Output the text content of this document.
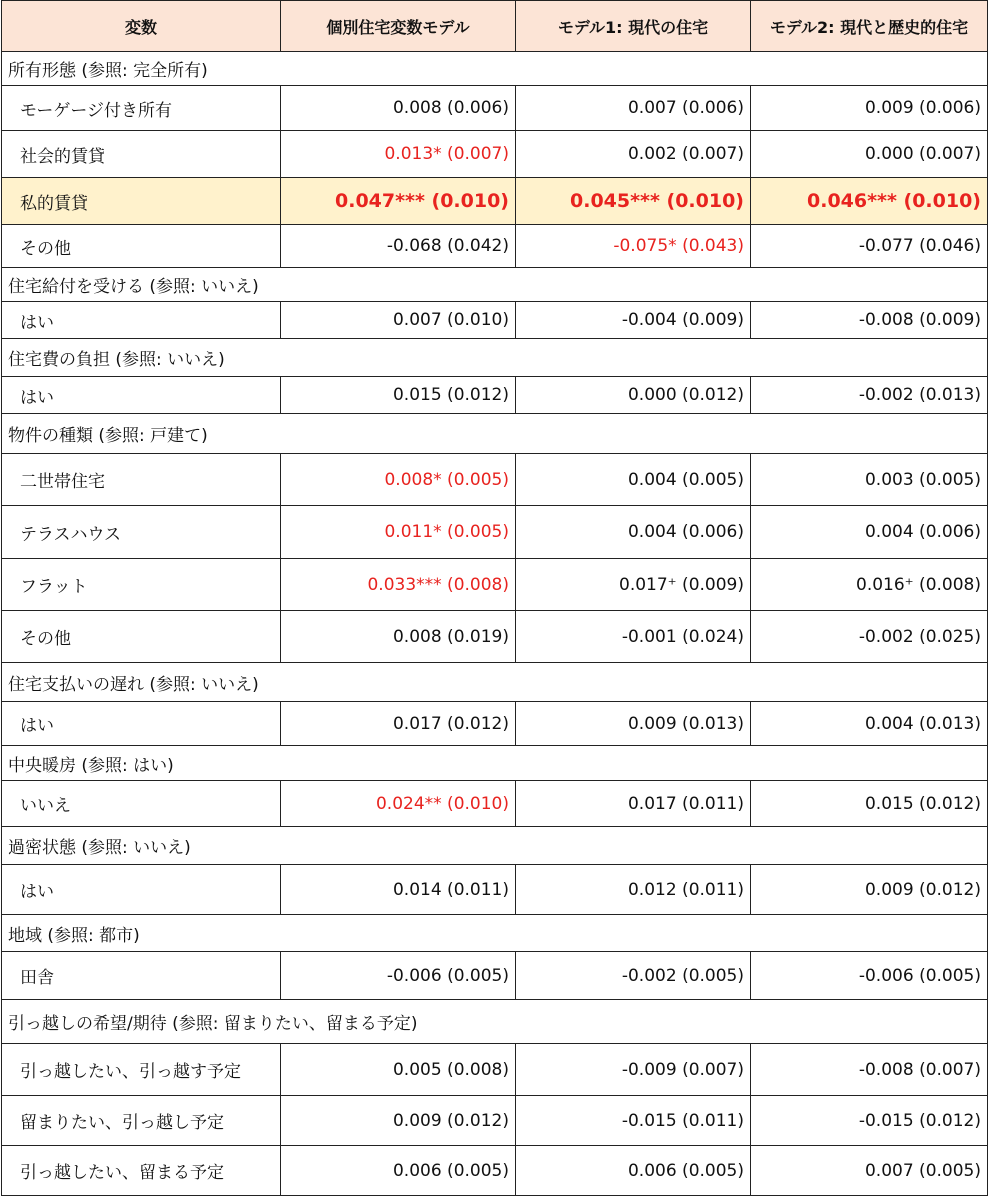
変数	個別住宅変数モデル	モデル1: 現代の住宅	モデル2: 現代と歴史的住宅
所有形態 (参照: 完全所有)			
モーゲージ付き所有	0.008 (0.006)	0.007 (0.006)	0.009 (0.006)
社会的賃貸	0.013* (0.007)	0.002 (0.007)	0.000 (0.007)
私的賃貸	0.047*** (0.010)	0.045*** (0.010)	0.046*** (0.010)
その他	-0.068 (0.042)	-0.075* (0.043)	-0.077 (0.046)
住宅給付を受ける (参照: いいえ)			
はい	0.007 (0.010)	-0.004 (0.009)	-0.008 (0.009)
住宅費の負担 (参照: いいえ)			
はい	0.015 (0.012)	0.000 (0.012)	-0.002 (0.013)
物件の種類 (参照: 戸建て)			
二世帯住宅	0.008* (0.005)	0.004 (0.005)	0.003 (0.005)
テラスハウス	0.011* (0.005)	0.004 (0.006)	0.004 (0.006)
フラット	0.033*** (0.008)	0.017⁺ (0.009)	0.016⁺ (0.008)
その他	0.008 (0.019)	-0.001 (0.024)	-0.002 (0.025)
住宅支払いの遅れ (参照: いいえ)			
はい	0.017 (0.012)	0.009 (0.013)	0.004 (0.013)
中央暖房 (参照: はい)			
いいえ	0.024** (0.010)	0.017 (0.011)	0.015 (0.012)
過密状態 (参照: いいえ)			
はい	0.014 (0.011)	0.012 (0.011)	0.009 (0.012)
地域 (参照: 都市)			
田舎	-0.006 (0.005)	-0.002 (0.005)	-0.006 (0.005)
引っ越しの希望/期待 (参照: 留まりたい、留まる予定)			
引っ越したい、引っ越す予定	0.005 (0.008)	-0.009 (0.007)	-0.008 (0.007)
留まりたい、引っ越し予定	0.009 (0.012)	-0.015 (0.011)	-0.015 (0.012)
引っ越したい、留まる予定	0.006 (0.005)	0.006 (0.005)	0.007 (0.005)
